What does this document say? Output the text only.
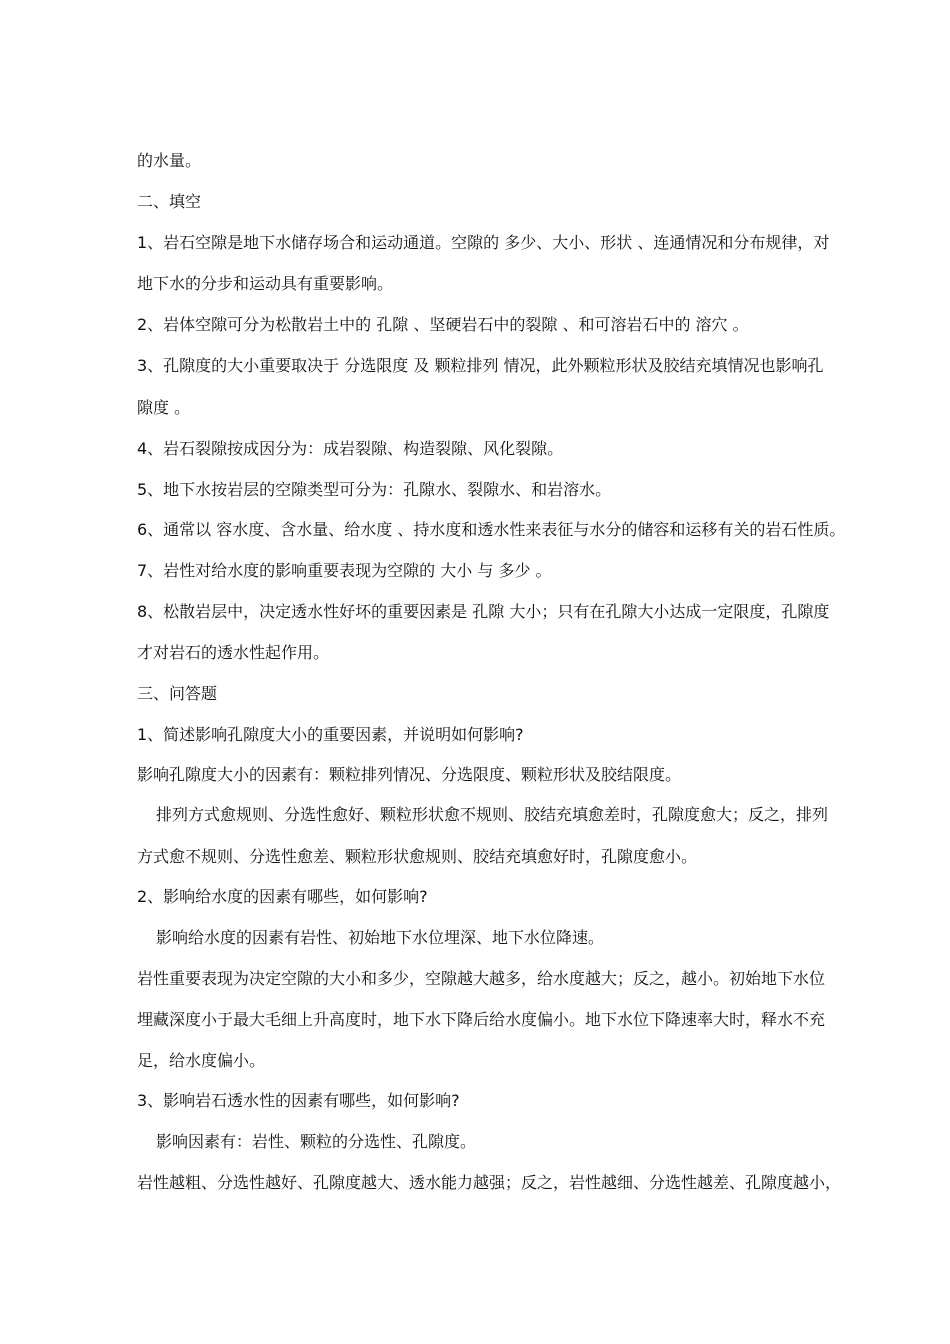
的水量。

二、填空

1、岩石空隙是地下水储存场合和运动通道。空隙的 多少、大小、形状 、连通情况和分布规律，对

地下水的分步和运动具有重要影响。

2、岩体空隙可分为松散岩土中的 孔隙 、坚硬岩石中的裂隙 、和可溶岩石中的 溶穴 。

3、孔隙度的大小重要取决于 分选限度 及 颗粒排列 情况，此外颗粒形状及胶结充填情况也影响孔

隙度 。

4、岩石裂隙按成因分为：成岩裂隙、构造裂隙、风化裂隙。

5、地下水按岩层的空隙类型可分为：孔隙水、裂隙水、和岩溶水。

6、通常以 容水度、含水量、给水度 、持水度和透水性来表征与水分的储容和运移有关的岩石性质。

7、岩性对给水度的影响重要表现为空隙的 大小 与 多少 。

8、松散岩层中，决定透水性好坏的重要因素是 孔隙 大小；只有在孔隙大小达成一定限度，孔隙度

才对岩石的透水性起作用。

三、问答题

1、简述影响孔隙度大小的重要因素，并说明如何影响?

影响孔隙度大小的因素有：颗粒排列情况、分选限度、颗粒形状及胶结限度。

排列方式愈规则、分选性愈好、颗粒形状愈不规则、胶结充填愈差时，孔隙度愈大；反之，排列

方式愈不规则、分选性愈差、颗粒形状愈规则、胶结充填愈好时，孔隙度愈小。

2、影响给水度的因素有哪些，如何影响?

影响给水度的因素有岩性、初始地下水位埋深、地下水位降速。

岩性重要表现为决定空隙的大小和多少，空隙越大越多，给水度越大；反之，越小。初始地下水位

埋藏深度小于最大毛细上升高度时，地下水下降后给水度偏小。地下水位下降速率大时，释水不充

足，给水度偏小。

3、影响岩石透水性的因素有哪些，如何影响?

影响因素有：岩性、颗粒的分选性、孔隙度。

岩性越粗、分选性越好、孔隙度越大、透水能力越强；反之，岩性越细、分选性越差、孔隙度越小，
